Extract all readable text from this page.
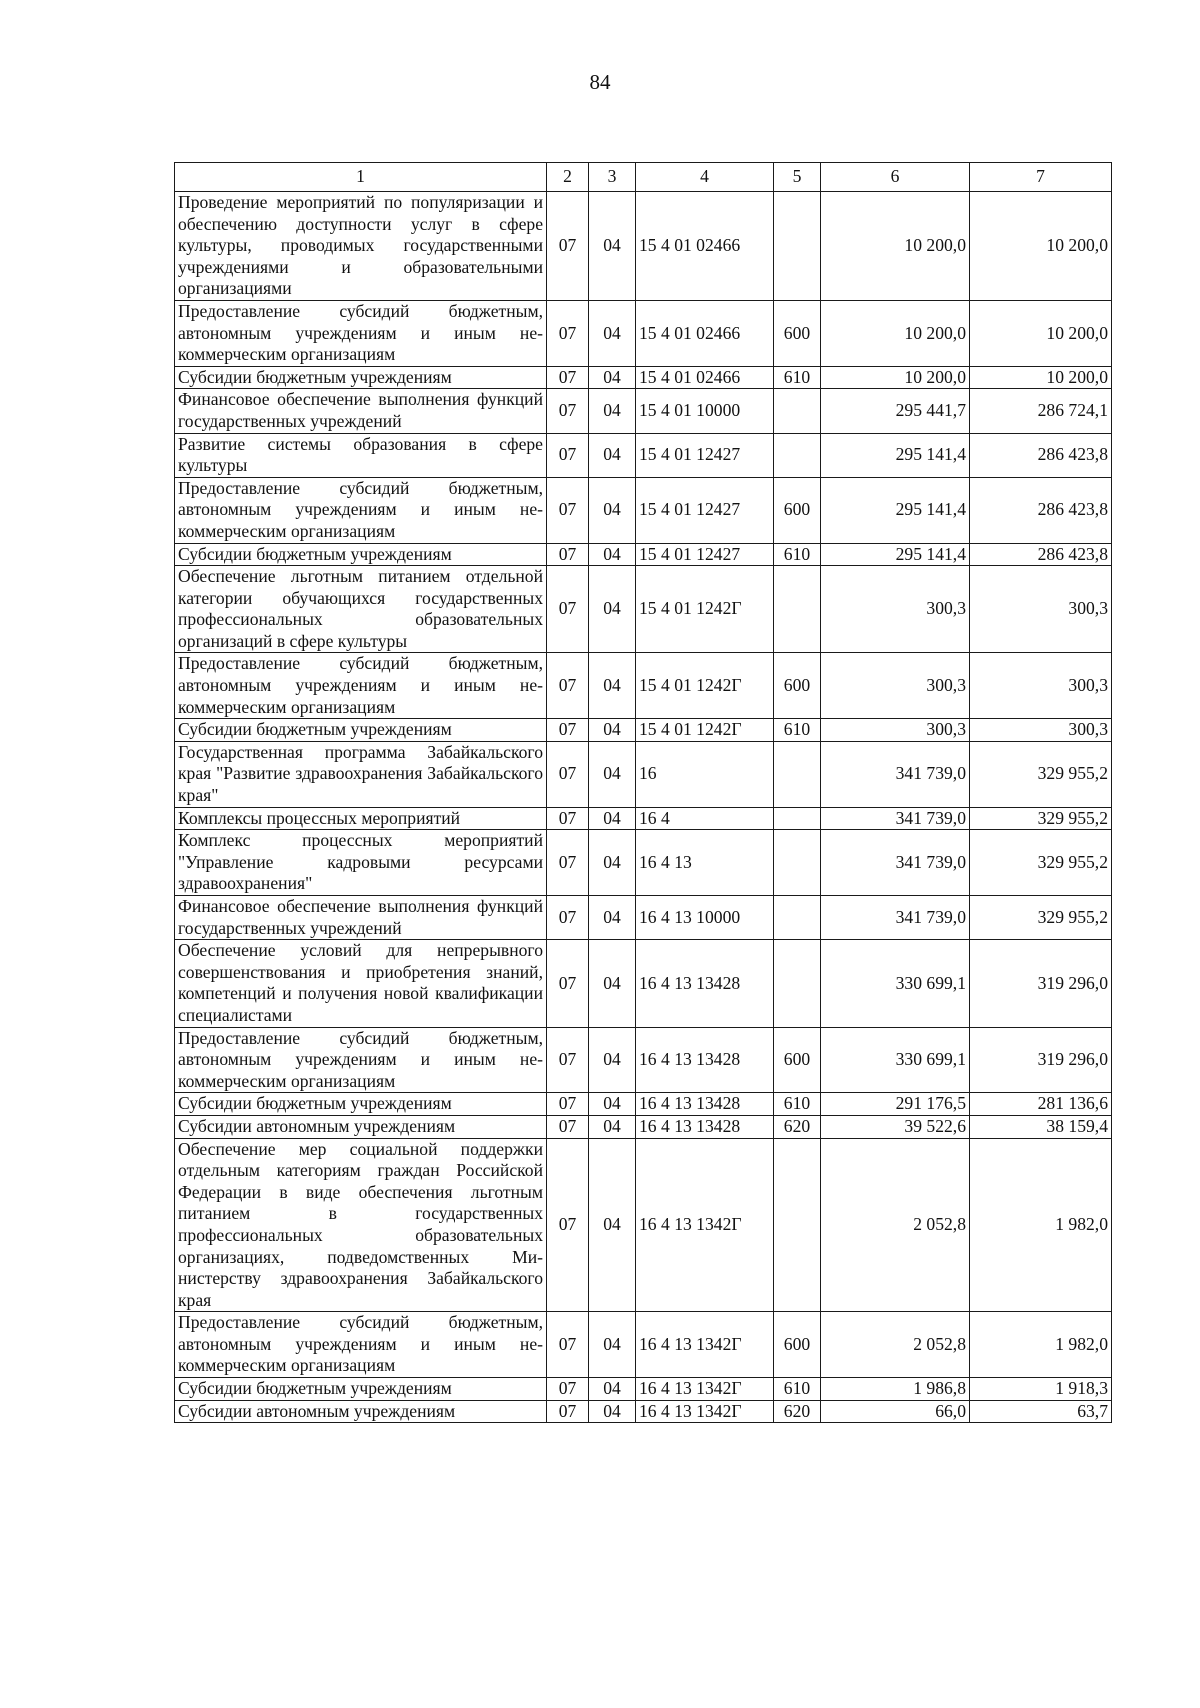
84
1	2	3	4	5	6	7
Проведение мероприятий по популяризации и обеспечению доступности услуг в сфере культуры, проводимых государственными учреждениями и образовательными организациями	07	04	15 4 01 02466		10 200,0	10 200,0
Предоставление субсидий бюджетным, автономным учреждениям и иным некоммерческим организациям	07	04	15 4 01 02466	600	10 200,0	10 200,0
Субсидии бюджетным учреждениям	07	04	15 4 01 02466	610	10 200,0	10 200,0
Финансовое обеспечение выполнения функций государственных учреждений	07	04	15 4 01 10000		295 441,7	286 724,1
Развитие системы образования в сфере культуры	07	04	15 4 01 12427		295 141,4	286 423,8
Предоставление субсидий бюджетным, автономным учреждениям и иным некоммерческим организациям	07	04	15 4 01 12427	600	295 141,4	286 423,8
Субсидии бюджетным учреждениям	07	04	15 4 01 12427	610	295 141,4	286 423,8
Обеспечение льготным питанием отдельной категории обучающихся государственных профессиональных образовательных организаций в сфере культуры	07	04	15 4 01 1242Г		300,3	300,3
Предоставление субсидий бюджетным, автономным учреждениям и иным некоммерческим организациям	07	04	15 4 01 1242Г	600	300,3	300,3
Субсидии бюджетным учреждениям	07	04	15 4 01 1242Г	610	300,3	300,3
Государственная программа Забайкальского края "Развитие здравоохранения Забайкальского края"	07	04	16		341 739,0	329 955,2
Комплексы процессных мероприятий	07	04	16 4		341 739,0	329 955,2
Комплекс процессных мероприятий "Управление кадровыми ресурсами здравоохранения"	07	04	16 4 13		341 739,0	329 955,2
Финансовое обеспечение выполнения функций государственных учреждений	07	04	16 4 13 10000		341 739,0	329 955,2
Обеспечение условий для непрерывного совершенствования и приобретения знаний, компетенций и получения новой квалификации специалистами	07	04	16 4 13 13428		330 699,1	319 296,0
Предоставление субсидий бюджетным, автономным учреждениям и иным некоммерческим организациям	07	04	16 4 13 13428	600	330 699,1	319 296,0
Субсидии бюджетным учреждениям	07	04	16 4 13 13428	610	291 176,5	281 136,6
Субсидии автономным учреждениям	07	04	16 4 13 13428	620	39 522,6	38 159,4
Обеспечение мер социальной поддержки отдельным категориям граждан Российской Федерации в виде обеспечения льготным питанием в государственных профессиональных образовательных организациях, подведомственных Министерству здравоохранения Забайкальского края	07	04	16 4 13 1342Г		2 052,8	1 982,0
Предоставление субсидий бюджетным, автономным учреждениям и иным некоммерческим организациям	07	04	16 4 13 1342Г	600	2 052,8	1 982,0
Субсидии бюджетным учреждениям	07	04	16 4 13 1342Г	610	1 986,8	1 918,3
Субсидии автономным учреждениям	07	04	16 4 13 1342Г	620	66,0	63,7
